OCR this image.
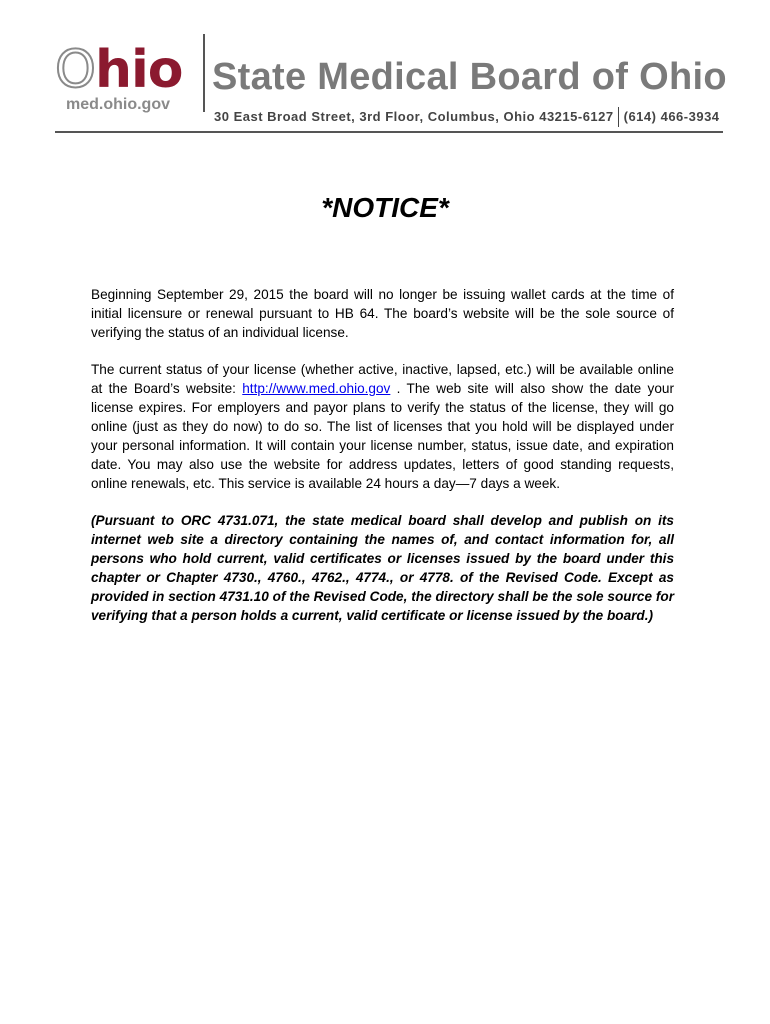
Ohio
med.ohio.gov
State Medical Board of Ohio
30 East Broad Street, 3rd Floor, Columbus, Ohio 43215-6127 (614) 466-3934
*NOTICE*

Beginning September 29, 2015 the board will no longer be issuing wallet cards at the time of initial licensure or renewal pursuant to HB 64. The board’s website will be the sole source of verifying the status of an individual license.

The current status of your license (whether active, inactive, lapsed, etc.) will be available online at the Board’s website: http://www.med.ohio.gov . The web site will also show the date your license expires. For employers and payor plans to verify the status of the license, they will go online (just as they do now) to do so. The list of licenses that you hold will be displayed under your personal information. It will contain your license number, status, issue date, and expiration date. You may also use the website for address updates, letters of good standing requests, online renewals, etc. This service is available 24 hours a day—7 days a week.

(Pursuant to ORC 4731.071, the state medical board shall develop and publish on its internet web site a directory containing the names of, and contact information for, all persons who hold current, valid certificates or licenses issued by the board under this chapter or Chapter 4730., 4760., 4762., 4774., or 4778. of the Revised Code. Except as provided in section 4731.10 of the Revised Code, the directory shall be the sole source for verifying that a person holds a current, valid certificate or license issued by the board.)
